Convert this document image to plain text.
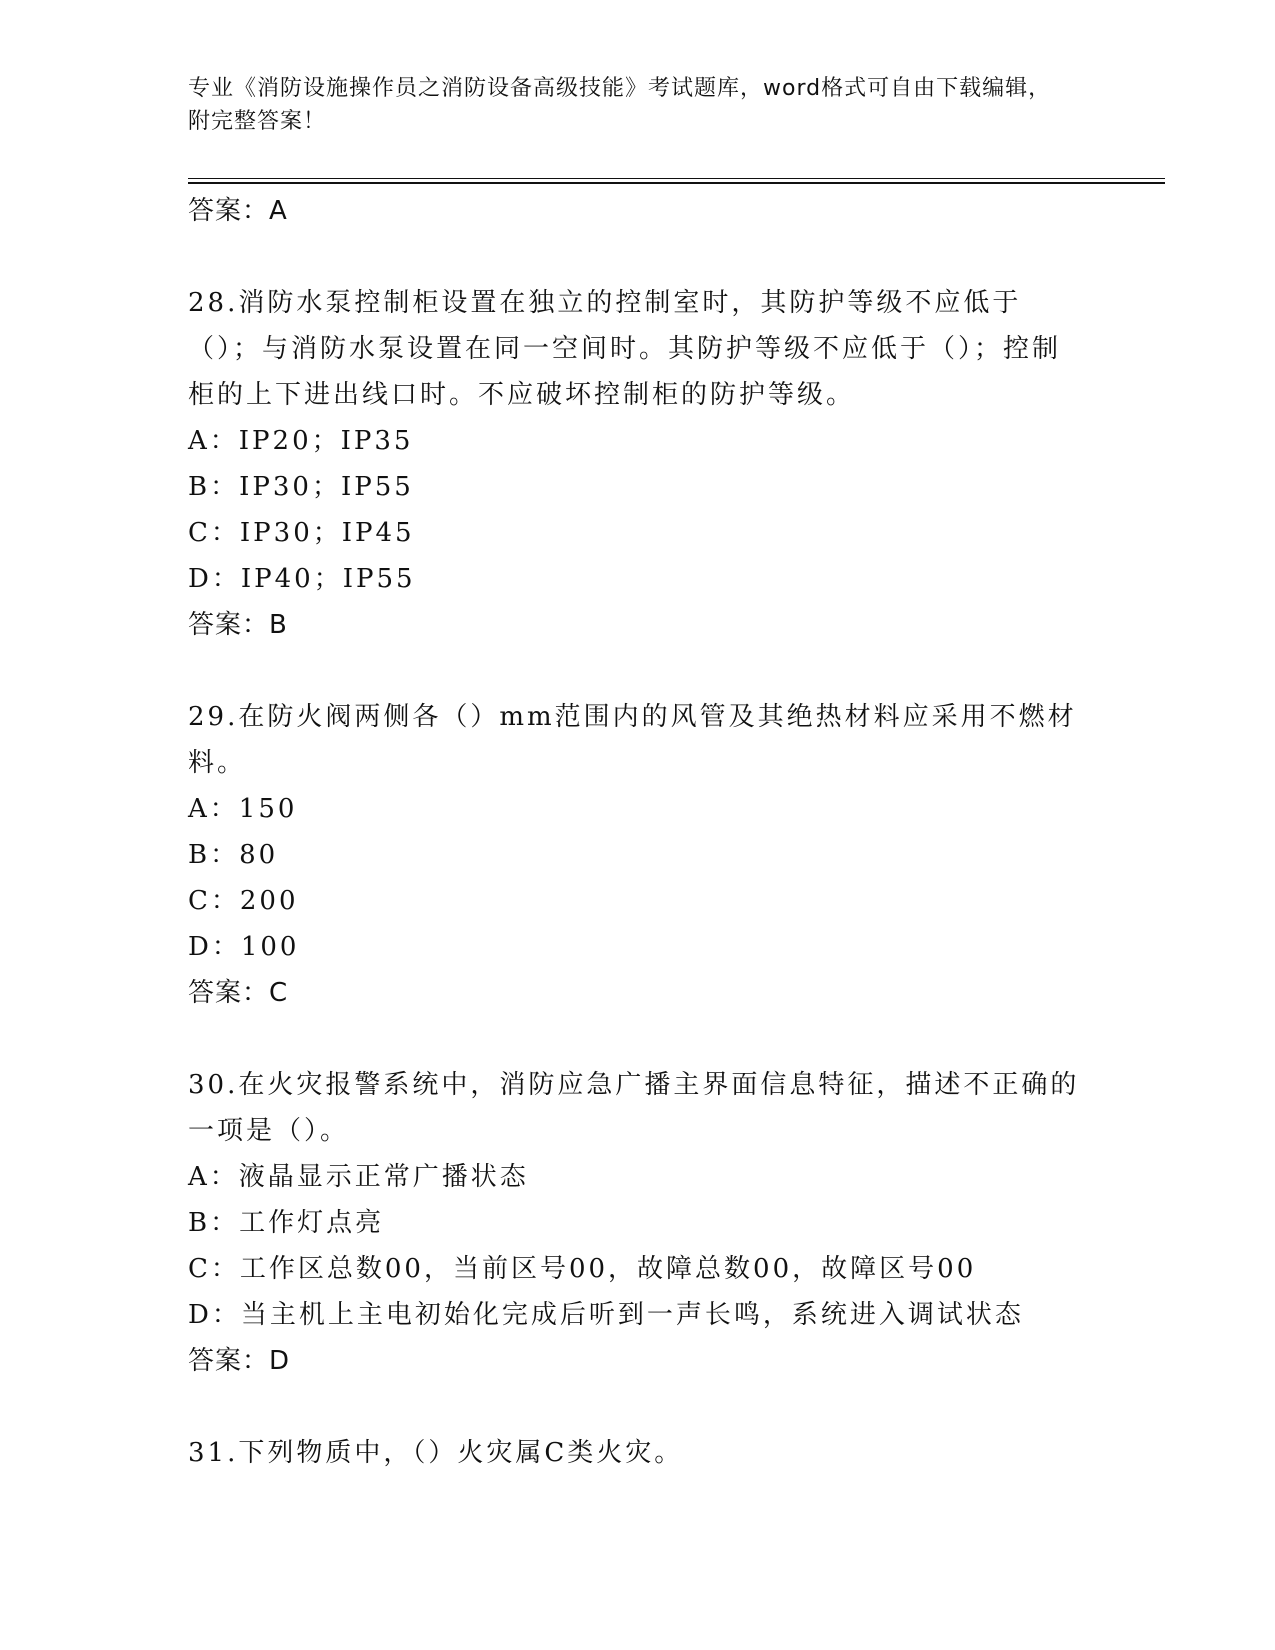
专业《消防设施操作员之消防设备高级技能》考试题库，word格式可自由下载编辑，附完整答案！
答案：A
28.消防水泵控制柜设置在独立的控制室时，其防护等级不应低于（）；与消防水泵设置在同一空间时。其防护等级不应低于（）；控制柜的上下进出线口时。不应破坏控制柜的防护等级。
A：IP20；IP35
B：IP30；IP55
C：IP30；IP45
D：IP40；IP55
答案：B
29.在防火阀两侧各（）mm范围内的风管及其绝热材料应采用不燃材料。
A：150
B：80
C：200
D：100
答案：C
30.在火灾报警系统中，消防应急广播主界面信息特征，描述不正确的一项是（）。
A：液晶显示正常广播状态
B：工作灯点亮
C：工作区总数00，当前区号00，故障总数00，故障区号00
D：当主机上主电初始化完成后听到一声长鸣，系统进入调试状态
答案：D
31.下列物质中，（）火灾属C类火灾。
